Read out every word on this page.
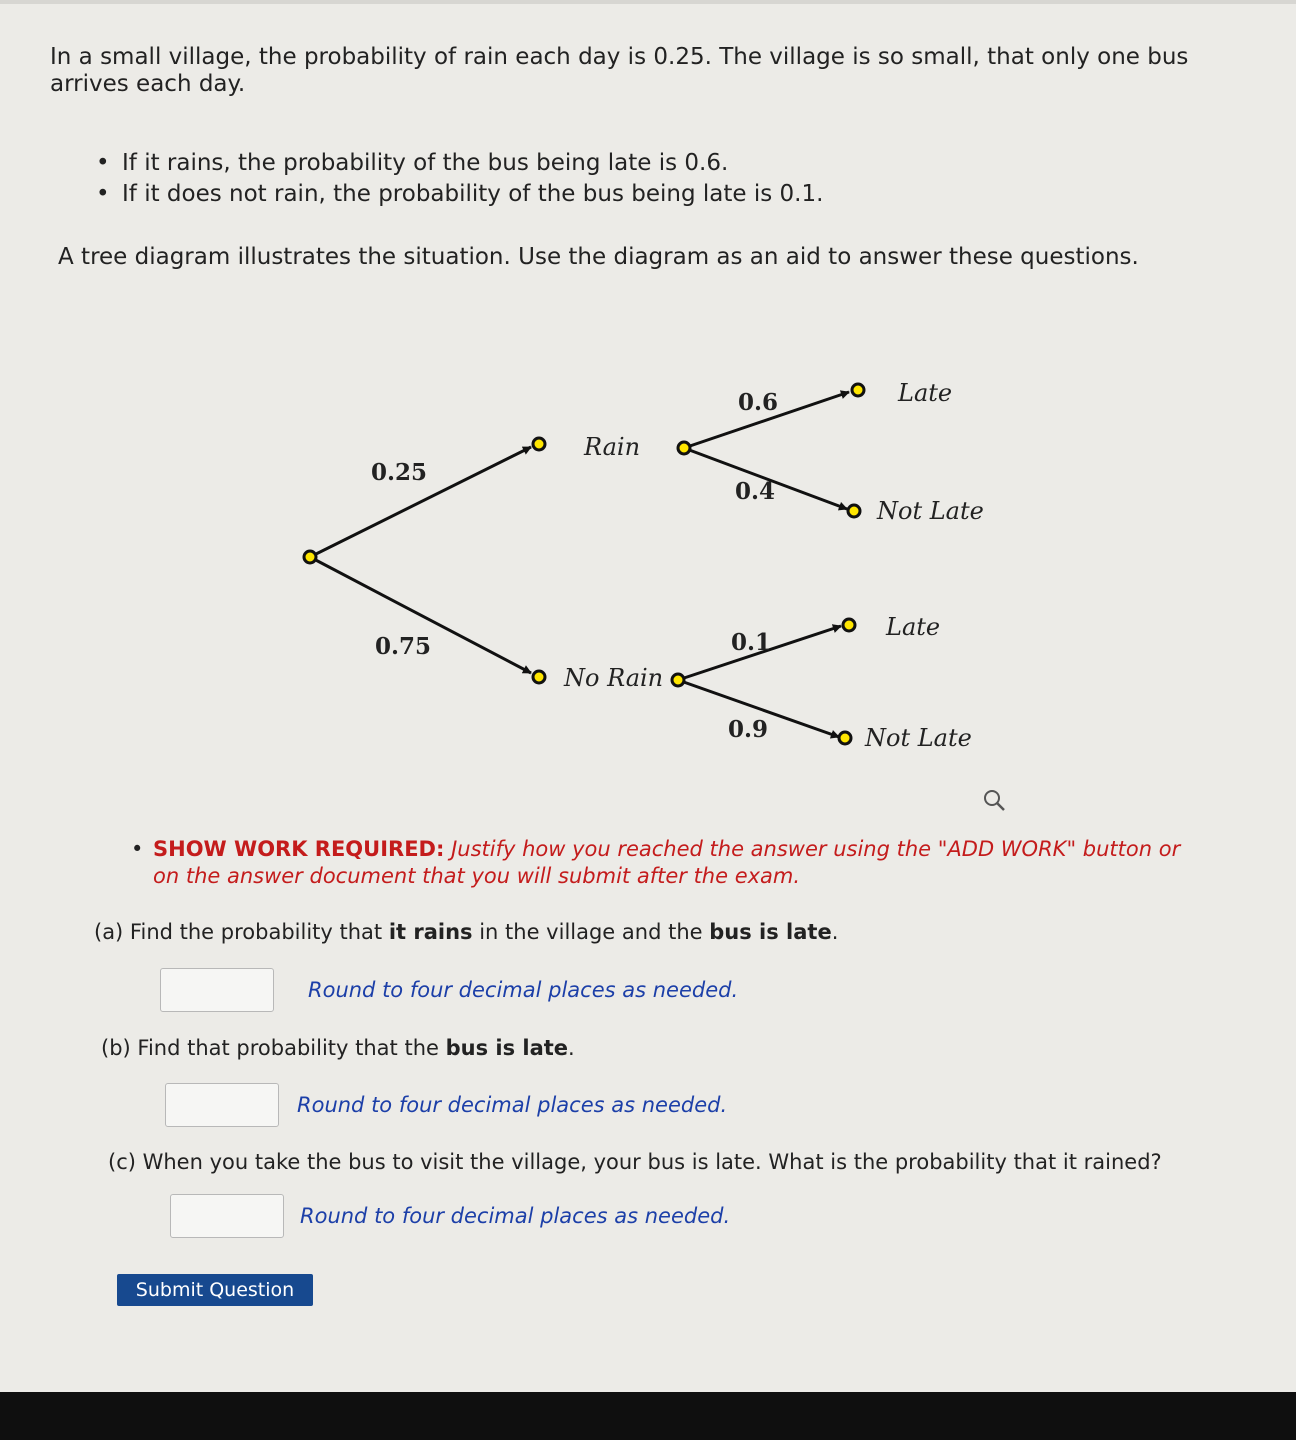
In a small village, the probability of rain each day is 0.25. The village is so small, that only one bus arrives each day.
• If it rains, the probability of the bus being late is 0.6.
• If it does not rain, the probability of the bus being late is 0.1.
A tree diagram illustrates the situation. Use the diagram as an aid to answer these questions.
0.25
0.75
Rain
No Rain
0.6
0.4
0.1
0.9
Late
Not Late
Late
Not Late
• SHOW WORK REQUIRED: Justify how you reached the answer using the "ADD WORK" button or on the answer document that you will submit after the exam.
(a) Find the probability that it rains in the village and the bus is late.
Round to four decimal places as needed.
(b) Find that probability that the bus is late.
Round to four decimal places as needed.
(c) When you take the bus to visit the village, your bus is late. What is the probability that it rained?
Round to four decimal places as needed.
Submit Question
